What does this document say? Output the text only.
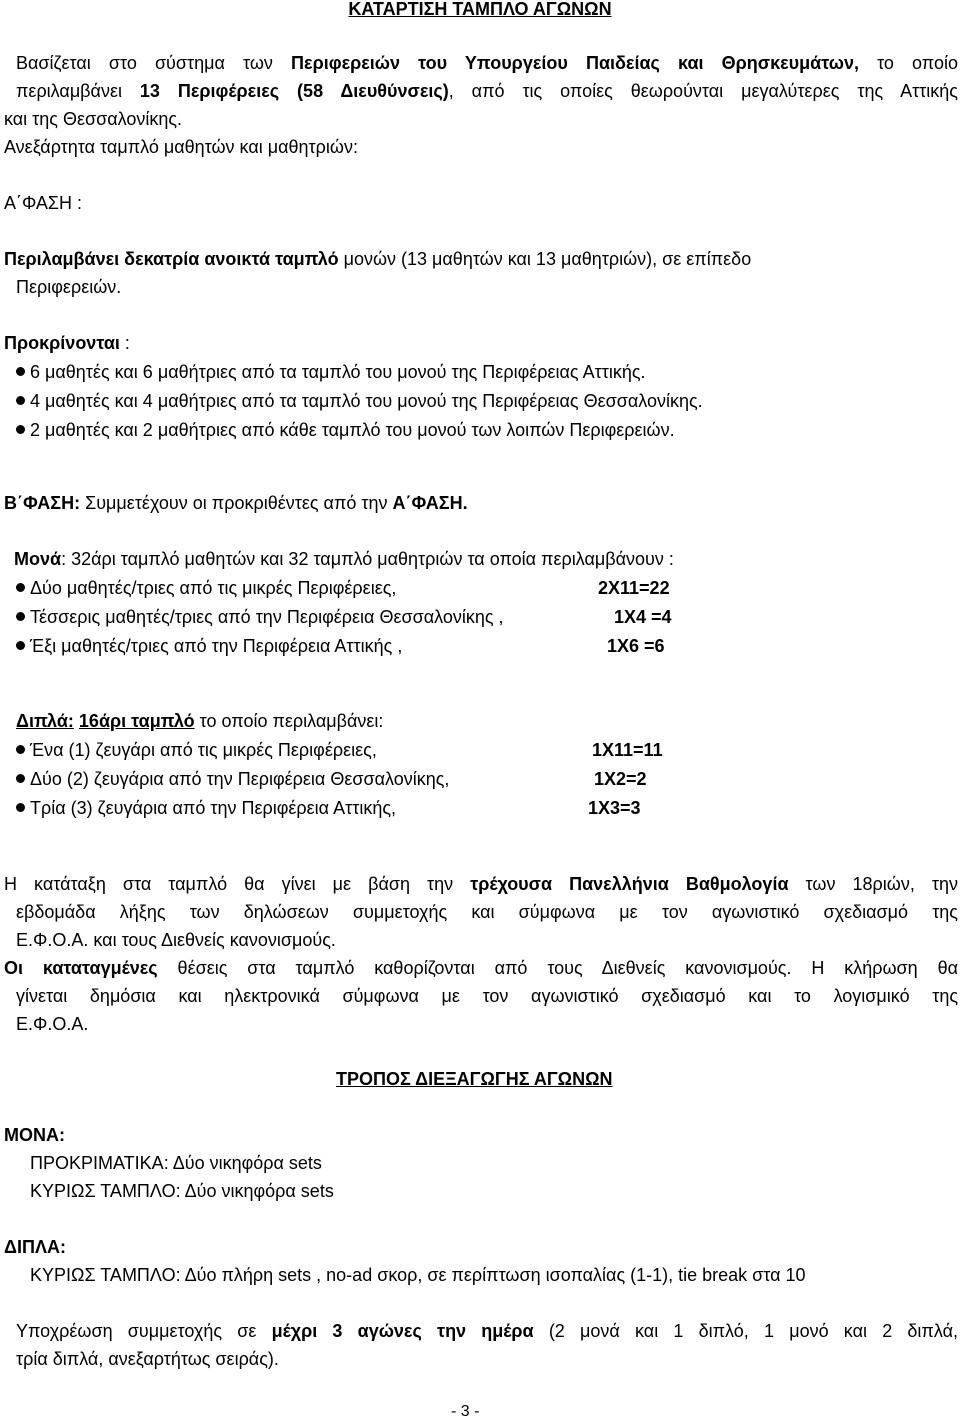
ΚΑΤΑΡΤΙΣΗ ΤΑΜΠΛΟ ΑΓΩΝΩΝ
Βασίζεται στο σύστημα των Περιφερειών του Υπουργείου Παιδείας και Θρησκευμάτων, το οποίο
περιλαμβάνει 13 Περιφέρειες (58 Διευθύνσεις), από τις οποίες θεωρούνται μεγαλύτερες της Αττικής
και της Θεσσαλονίκης.
Ανεξάρτητα ταμπλό μαθητών και μαθητριών:
Α΄ΦΑΣΗ :
Περιλαμβάνει δεκατρία ανοικτά ταμπλό μονών (13 μαθητών και 13 μαθητριών), σε επίπεδο
Περιφερειών.
Προκρίνονται :
6 μαθητές και 6 μαθήτριες από τα ταμπλό του μονού της Περιφέρειας Αττικής.
4 μαθητές και 4 μαθήτριες από τα ταμπλό του μονού της Περιφέρειας Θεσσαλονίκης.
2 μαθητές και 2 μαθήτριες από κάθε ταμπλό του μονού των λοιπών Περιφερειών.
Β΄ΦΑΣΗ: Συμμετέχουν οι προκριθέντες από την Α΄ΦΑΣΗ.
Μονά: 32άρι ταμπλό μαθητών και 32 ταμπλό μαθητριών τα οποία περιλαμβάνουν :
Δύο μαθητές/τριες από τις μικρές Περιφέρειες,	2Χ11=22
Τέσσερις μαθητές/τριες από την Περιφέρεια Θεσσαλονίκης ,	1Χ4 =4
Έξι μαθητές/τριες από την Περιφέρεια Αττικής ,	1Χ6 =6
Διπλά: 16άρι ταμπλό το οποίο περιλαμβάνει:
Ένα (1) ζευγάρι από τις μικρές Περιφέρειες,	1Χ11=11
Δύο (2) ζευγάρια από την Περιφέρεια Θεσσαλονίκης,	1Χ2=2
Τρία (3) ζευγάρια από την Περιφέρεια Αττικής,	1Χ3=3
Η κατάταξη στα ταμπλό θα γίνει με βάση την τρέχουσα Πανελλήνια Βαθμολογία των 18ριών, την
εβδομάδα λήξης των δηλώσεων συμμετοχής και σύμφωνα με τον αγωνιστικό σχεδιασμό της
Ε.Φ.Ο.Α. και τους Διεθνείς κανονισμούς.
Οι καταταγμένες θέσεις στα ταμπλό καθορίζονται από τους Διεθνείς κανονισμούς. Η κλήρωση θα
γίνεται δημόσια και ηλεκτρονικά σύμφωνα με τον αγωνιστικό σχεδιασμό και το λογισμικό της
Ε.Φ.Ο.Α.
ΤΡΟΠΟΣ ΔΙΕΞΑΓΩΓΗΣ ΑΓΩΝΩΝ
ΜΟΝΑ:
ΠΡΟΚΡΙΜΑΤΙΚΑ: Δύο νικηφόρα sets
ΚΥΡΙΩΣ ΤΑΜΠΛΟ: Δύο νικηφόρα sets
ΔΙΠΛΑ:
ΚΥΡΙΩΣ ΤΑΜΠΛΟ: Δύο πλήρη sets , no-ad σκορ, σε περίπτωση ισοπαλίας (1-1), tie break στα 10
Υποχρέωση συμμετοχής σε μέχρι 3 αγώνες την ημέρα (2 μονά και 1 διπλό, 1 μονό και 2 διπλά,
τρία διπλά, ανεξαρτήτως σειράς).
- 3 -
